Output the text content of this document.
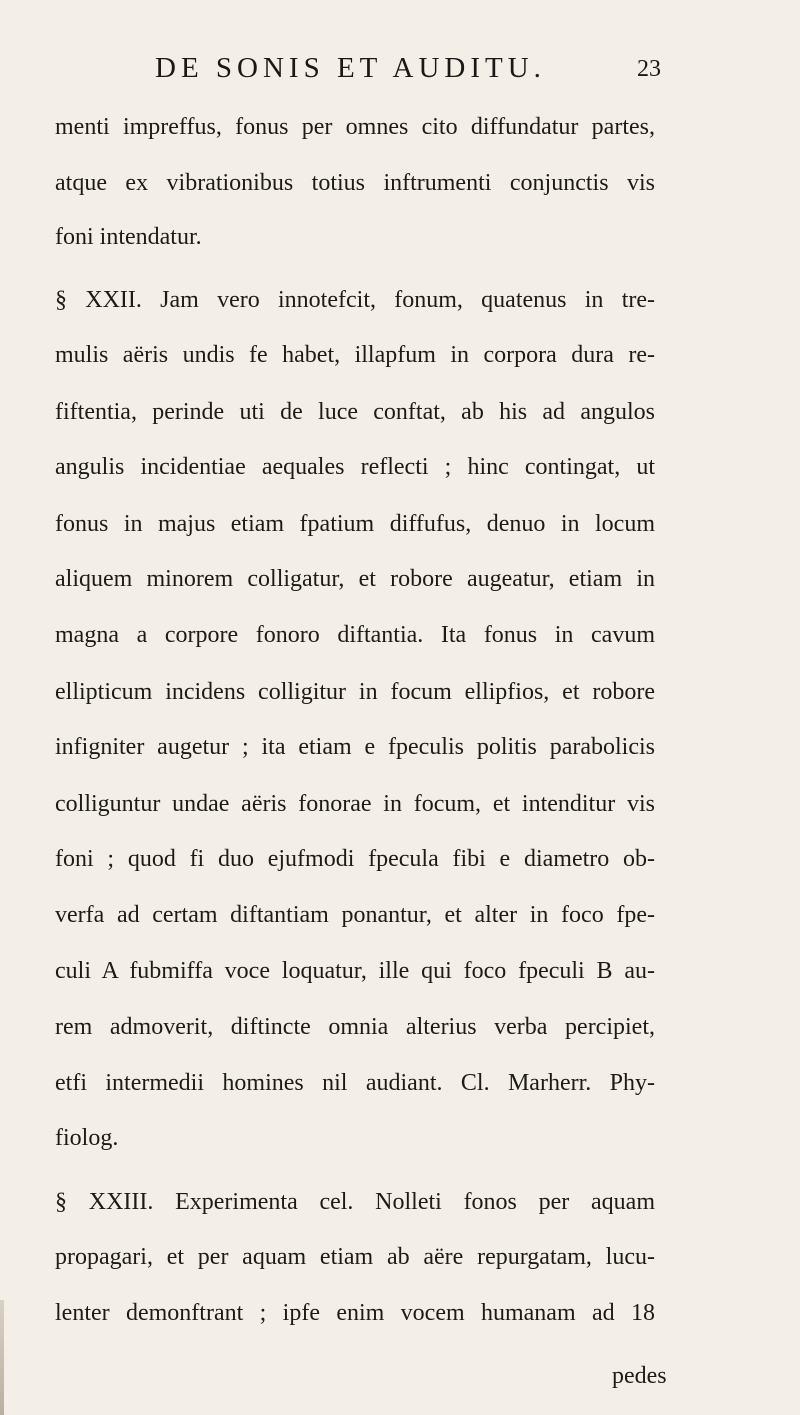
DE SONIS ET AUDITU.	23
menti impreffus, fonus per omnes cito diffundatur partes,
atque ex vibrationibus totius inftrumenti conjunctis vis
foni intendatur.
§ XXII. Jam vero innotefcit, fonum, quatenus in tre-
mulis aëris undis fe habet, illapfum in corpora dura re-
fiftentia, perinde uti de luce conftat, ab his ad angulos
angulis incidentiae aequales reflecti ; hinc contingat, ut
fonus in majus etiam fpatium diffufus, denuo in locum
aliquem minorem colligatur, et robore augeatur, etiam in
magna a corpore fonoro diftantia. Ita fonus in cavum
ellipticum incidens colligitur in focum ellipfios, et robore
infigniter augetur ; ita etiam e fpeculis politis parabolicis
colliguntur undae aëris fonorae in focum, et intenditur vis
foni ; quod fi duo ejufmodi fpecula fibi e diametro ob-
verfa ad certam diftantiam ponantur, et alter in foco fpe-
culi A fubmiffa voce loquatur, ille qui foco fpeculi B au-
rem admoverit, diftincte omnia alterius verba percipiet,
etfi intermedii homines nil audiant. Cl. Marherr. Phy-
fiolog.
§ XXIII. Experimenta cel. Nolleti fonos per aquam
propagari, et per aquam etiam ab aëre repurgatam, lucu-
lenter demonftrant ; ipfe enim vocem humanam ad 18
pedes
